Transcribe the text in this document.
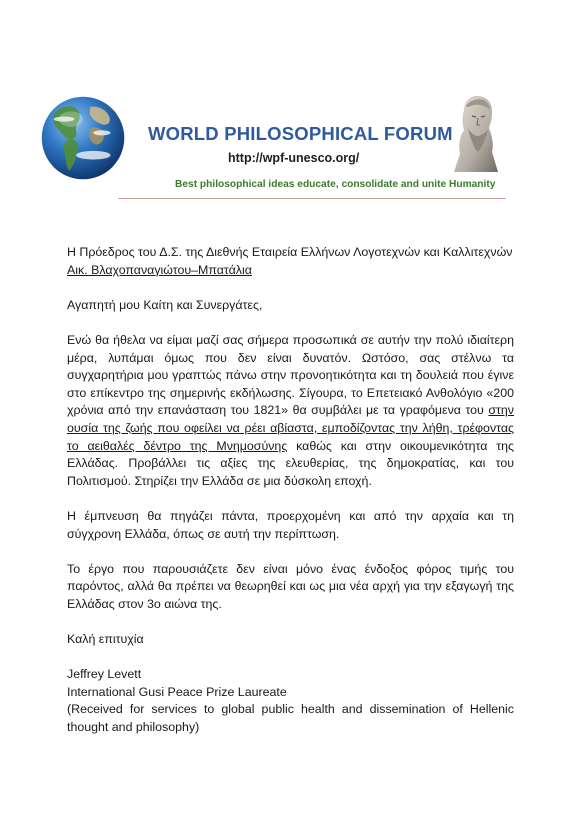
WORLD PHILOSOPHICAL FORUM
http://wpf-unesco.org/
Best philosophical ideas educate, consolidate and unite Humanity

Η Πρόεδρος του Δ.Σ. της Διεθνής Εταιρεία Ελλήνων Λογοτεχνών και Καλλιτεχνών

Αικ. Βλαχοπαναγιώτου–Μπατάλια

Αγαπητή μου Καίτη και Συνεργάτες,

Ενώ θα ήθελα να είμαι μαζί σας σήμερα προσωπικά σε αυτήν την πολύ ιδιαίτερη μέρα, λυπάμαι όμως που δεν είναι δυνατόν. Ωστόσο, σας στέλνω τα συγχαρητήρια μου γραπτώς πάνω στην προνοητικότητα και τη δουλειά που έγινε στο επίκεντρο της σημερινής εκδήλωσης. Σίγουρα, το Επετειακό Ανθολόγιο «200 χρόνια από την επανάσταση του 1821» θα συμβάλει με τα γραφόμενα του στην ουσία της ζωής που οφείλει να ρέει αβίαστα, εμποδίζοντας την λήθη, τρέφοντας το αειθαλές δέντρο της Μνημοσύνης καθώς και στην οικουμενικότητα της Ελλάδας. Προβάλλει τις αξίες της ελευθερίας, της δημοκρατίας, και του Πολιτισμού. Στηρίζει την Ελλάδα σε μια δύσκολη εποχή.

Η έμπνευση θα πηγάζει πάντα, προερχομένη και από την αρχαία και τη σύγχρονη Ελλάδα, όπως σε αυτή την περίπτωση.

Το έργο που παρουσιάζετε δεν είναι μόνο ένας ένδοξος φόρος τιμής του παρόντος, αλλά θα πρέπει να θεωρηθεί και ως μια νέα αρχή για την εξαγωγή της Ελλάδας στον 3ο αιώνα της.

Καλή επιτυχία

Jeffrey Levett

International Gusi Peace Prize Laureate

(Received for services to global public health and dissemination of Hellenic thought and philosophy)
